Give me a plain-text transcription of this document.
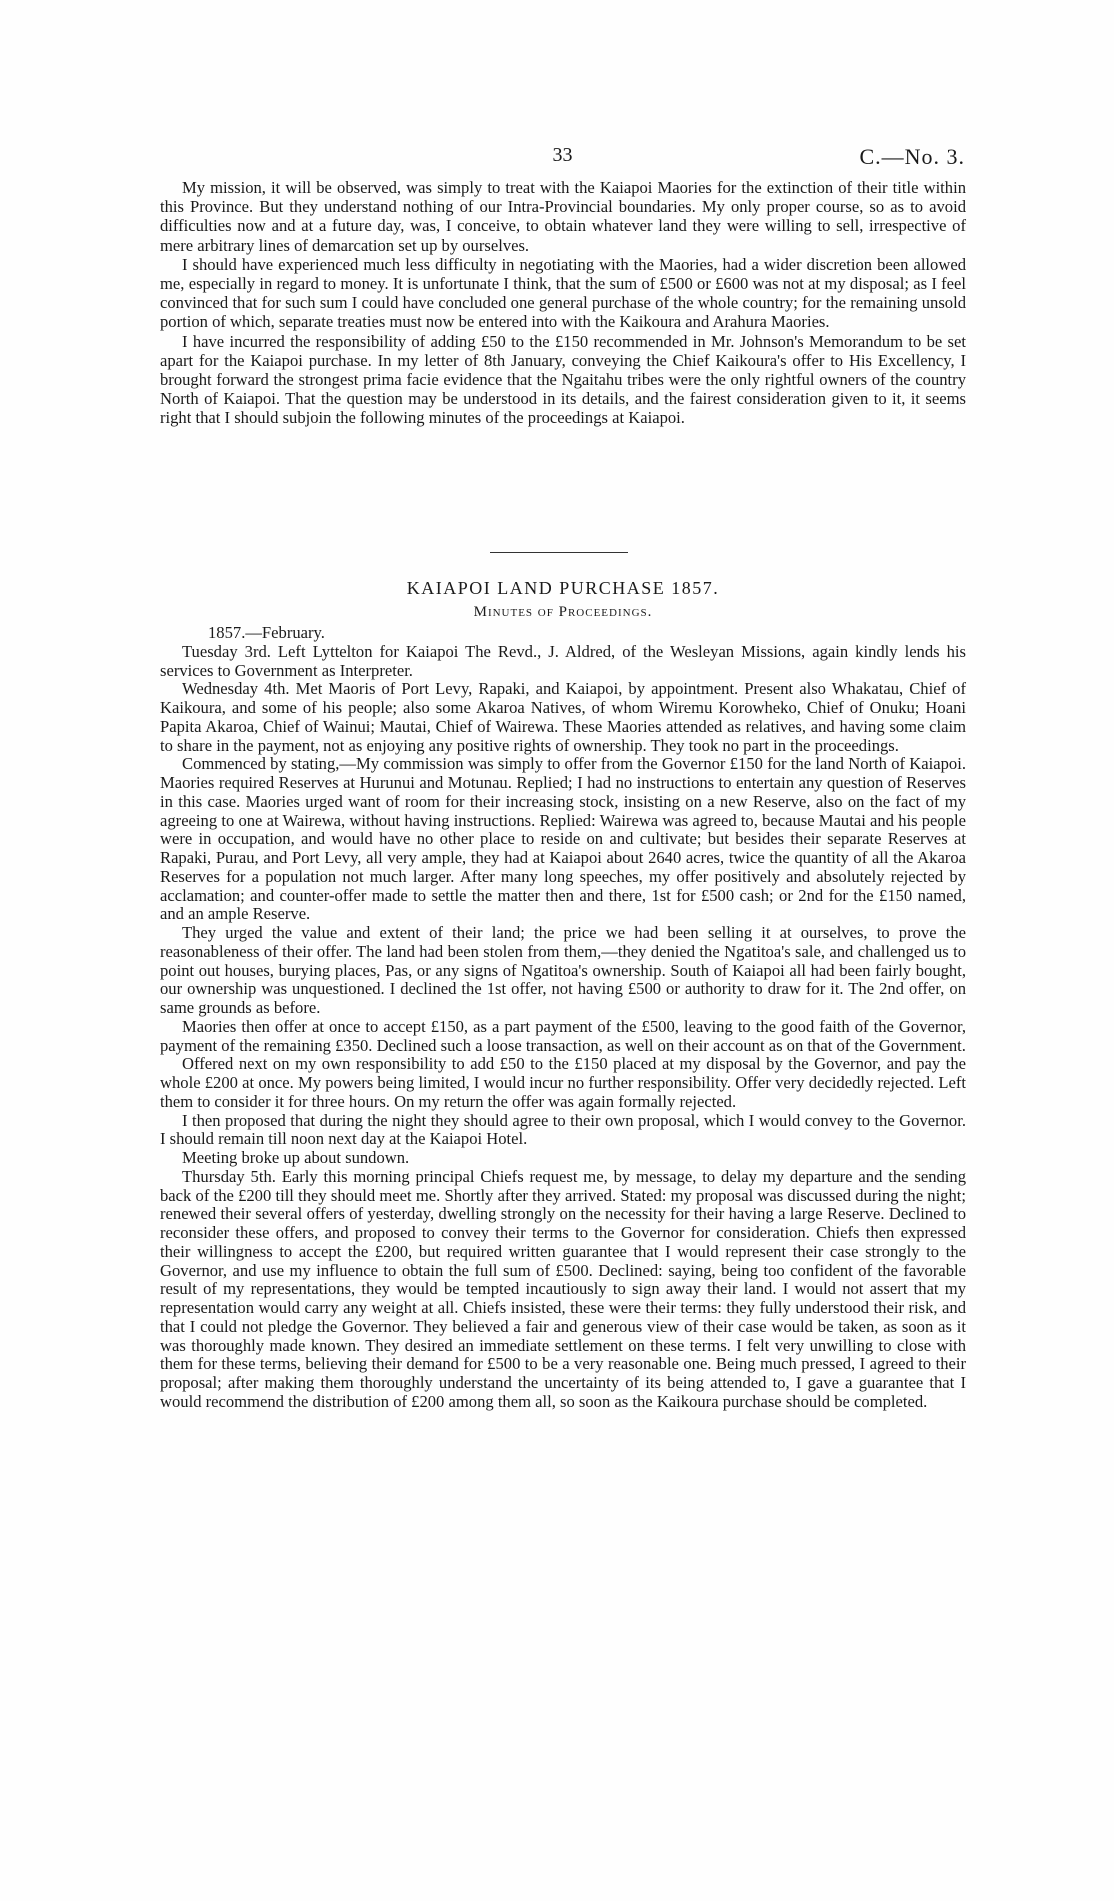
33	C.—No. 3.

My mission, it will be observed, was simply to treat with the Kaiapoi Maories for the extinction of their title within this Province. But they understand nothing of our Intra-Provincial boundaries. My only proper course, so as to avoid difficulties now and at a future day, was, I conceive, to obtain whatever land they were willing to sell, irrespective of mere arbitrary lines of demarcation set up by ourselves.

I should have experienced much less difficulty in negotiating with the Maories, had a wider discretion been allowed me, especially in regard to money. It is unfortunate I think, that the sum of £500 or £600 was not at my disposal; as I feel convinced that for such sum I could have concluded one general purchase of the whole country; for the remaining unsold portion of which, separate treaties must now be entered into with the Kaikoura and Arahura Maories.

I have incurred the responsibility of adding £50 to the £150 recommended in Mr. Johnson's Memorandum to be set apart for the Kaiapoi purchase. In my letter of 8th January, conveying the Chief Kaikoura's offer to His Excellency, I brought forward the strongest prima facie evidence that the Ngaitahu tribes were the only rightful owners of the country North of Kaiapoi. That the question may be understood in its details, and the fairest consideration given to it, it seems right that I should subjoin the following minutes of the proceedings at Kaiapoi.

KAIAPOI LAND PURCHASE 1857.
Minutes of Proceedings.

1857.—February.

Tuesday 3rd. Left Lyttelton for Kaiapoi The Revd., J. Aldred, of the Wesleyan Missions, again kindly lends his services to Government as Interpreter.

Wednesday 4th. Met Maoris of Port Levy, Rapaki, and Kaiapoi, by appointment. Present also Whakatau, Chief of Kaikoura, and some of his people; also some Akaroa Natives, of whom Wiremu Korowheko, Chief of Onuku; Hoani Papita Akaroa, Chief of Wainui; Mautai, Chief of Wairewa. These Maories attended as relatives, and having some claim to share in the payment, not as enjoying any positive rights of ownership. They took no part in the proceedings.

Commenced by stating,—My commission was simply to offer from the Governor £150 for the land North of Kaiapoi. Maories required Reserves at Hurunui and Motunau. Replied; I had no instructions to entertain any question of Reserves in this case. Maories urged want of room for their increasing stock, insisting on a new Reserve, also on the fact of my agreeing to one at Wairewa, without having instructions. Replied: Wairewa was agreed to, because Mautai and his people were in occupation, and would have no other place to reside on and cultivate; but besides their separate Reserves at Rapaki, Purau, and Port Levy, all very ample, they had at Kaiapoi about 2640 acres, twice the quantity of all the Akaroa Reserves for a population not much larger. After many long speeches, my offer positively and absolutely rejected by acclamation; and counter-offer made to settle the matter then and there, 1st for £500 cash; or 2nd for the £150 named, and an ample Reserve.

They urged the value and extent of their land; the price we had been selling it at ourselves, to prove the reasonableness of their offer. The land had been stolen from them,—they denied the Ngatitoa's sale, and challenged us to point out houses, burying places, Pas, or any signs of Ngatitoa's ownership. South of Kaiapoi all had been fairly bought, our ownership was unquestioned. I declined the 1st offer, not having £500 or authority to draw for it. The 2nd offer, on same grounds as before.

Maories then offer at once to accept £150, as a part payment of the £500, leaving to the good faith of the Governor, payment of the remaining £350. Declined such a loose transaction, as well on their account as on that of the Government.

Offered next on my own responsibility to add £50 to the £150 placed at my disposal by the Governor, and pay the whole £200 at once. My powers being limited, I would incur no further responsibility. Offer very decidedly rejected. Left them to consider it for three hours. On my return the offer was again formally rejected.

I then proposed that during the night they should agree to their own proposal, which I would convey to the Governor. I should remain till noon next day at the Kaiapoi Hotel.

Meeting broke up about sundown.

Thursday 5th. Early this morning principal Chiefs request me, by message, to delay my departure and the sending back of the £200 till they should meet me. Shortly after they arrived. Stated: my proposal was discussed during the night; renewed their several offers of yesterday, dwelling strongly on the necessity for their having a large Reserve. Declined to reconsider these offers, and proposed to convey their terms to the Governor for consideration. Chiefs then expressed their willingness to accept the £200, but required written guarantee that I would represent their case strongly to the Governor, and use my influence to obtain the full sum of £500. Declined: saying, being too confident of the favorable result of my representations, they would be tempted incautiously to sign away their land. I would not assert that my representation would carry any weight at all. Chiefs insisted, these were their terms: they fully understood their risk, and that I could not pledge the Governor. They believed a fair and generous view of their case would be taken, as soon as it was thoroughly made known. They desired an immediate settlement on these terms. I felt very unwilling to close with them for these terms, believing their demand for £500 to be a very reasonable one. Being much pressed, I agreed to their proposal; after making them thoroughly understand the uncertainty of its being attended to, I gave a guarantee that I would recommend the distribution of £200 among them all, so soon as the Kaikoura purchase should be completed.
